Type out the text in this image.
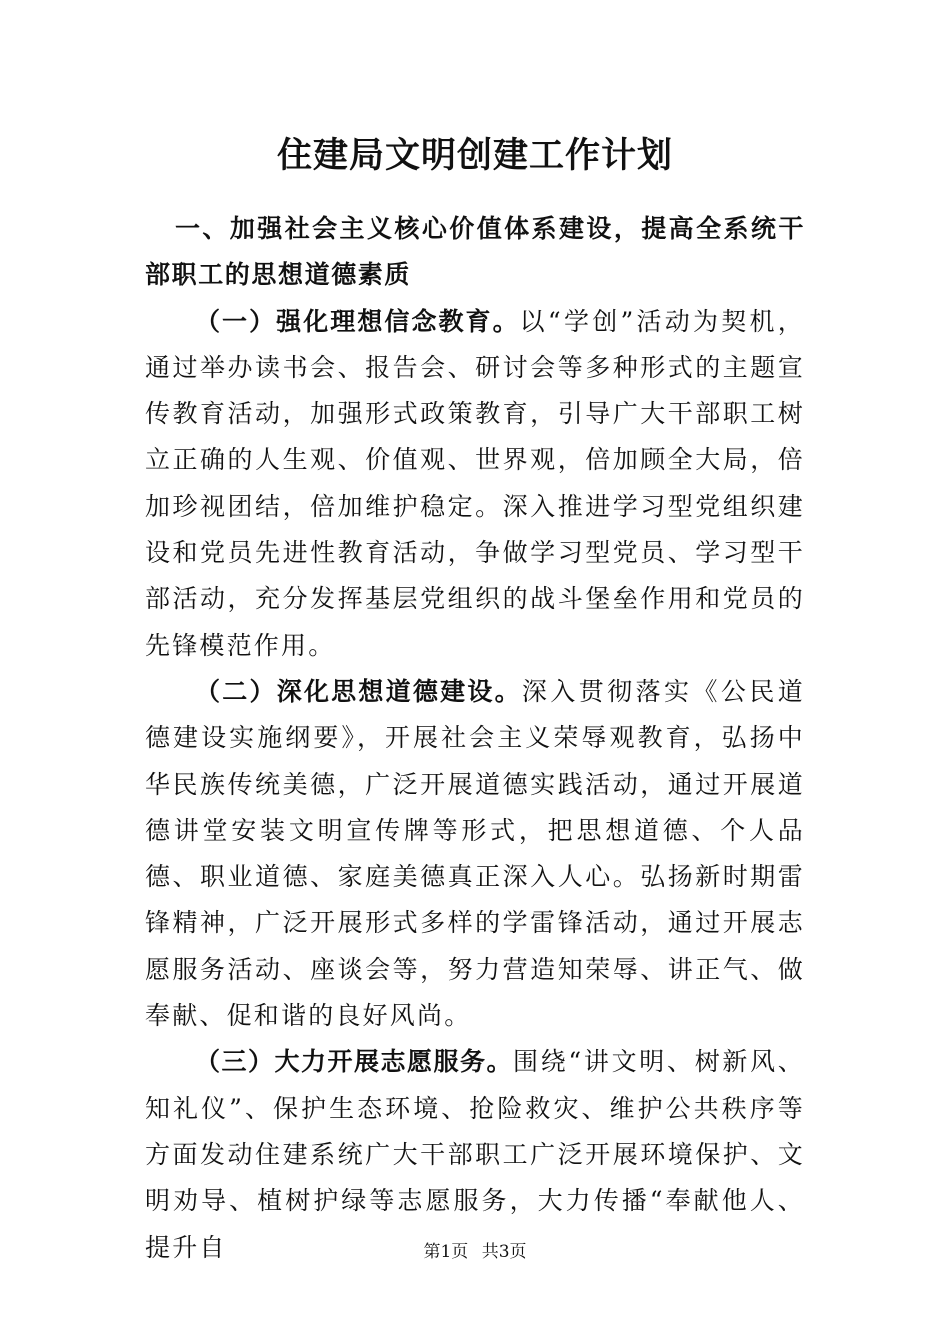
住建局文明创建工作计划

一、加强社会主义核心价值体系建设，提高全系统干部职工的思想道德素质

（一）强化理想信念教育。以“学创”活动为契机，通过举办读书会、报告会、研讨会等多种形式的主题宣传教育活动，加强形式政策教育，引导广大干部职工树立正确的人生观、价值观、世界观，倍加顾全大局，倍加珍视团结，倍加维护稳定。深入推进学习型党组织建设和党员先进性教育活动，争做学习型党员、学习型干部活动，充分发挥基层党组织的战斗堡垒作用和党员的先锋模范作用。

（二）深化思想道德建设。深入贯彻落实《公民道德建设实施纲要》，开展社会主义荣辱观教育，弘扬中华民族传统美德，广泛开展道德实践活动，通过开展道德讲堂安装文明宣传牌等形式，把思想道德、个人品德、职业道德、家庭美德真正深入人心。弘扬新时期雷锋精神，广泛开展形式多样的学雷锋活动，通过开展志愿服务活动、座谈会等，努力营造知荣辱、讲正气、做奉献、促和谐的良好风尚。

（三）大力开展志愿服务。围绕“讲文明、树新风、知礼仪”、保护生态环境、抢险救灾、维护公共秩序等方面发动住建系统广大干部职工广泛开展环境保护、文明劝导、植树护绿等志愿服务，大力传播“奉献他人、提升自	第1页 共3页
